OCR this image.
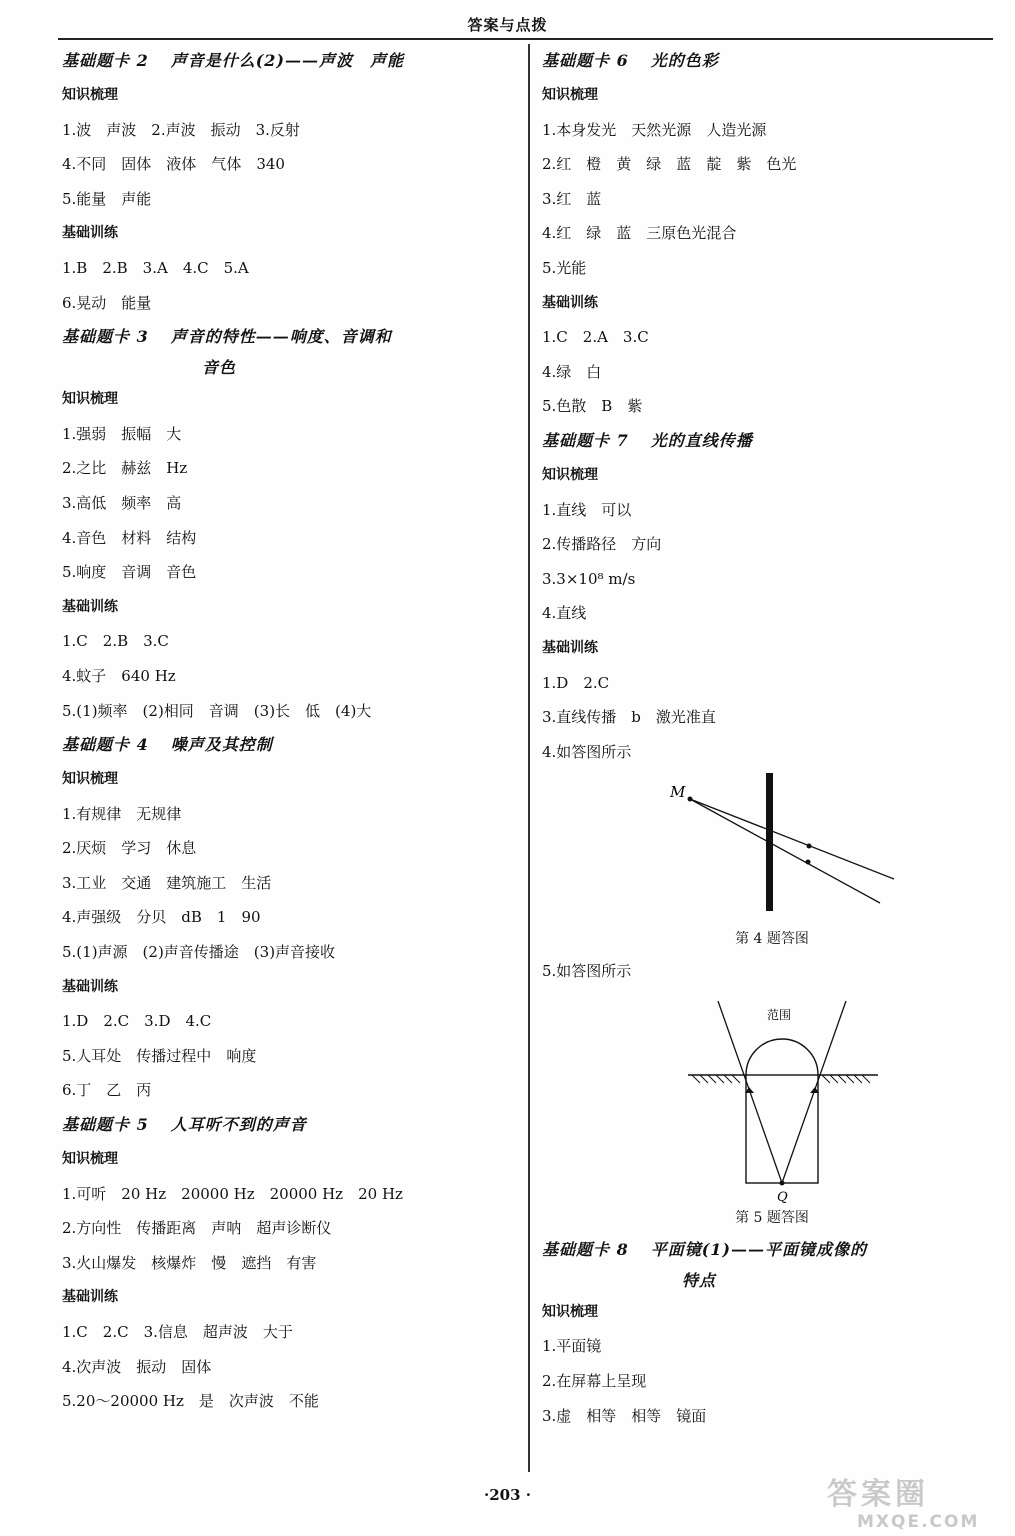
答案与点拨
基础题卡 2 声音是什么(2)——声波　声能
知识梳理
1.波　声波　2.声波　振动　3.反射
4.不同　固体　液体　气体　340
5.能量　声能
基础训练
1.B　2.B　3.A　4.C　5.A
6.晃动　能量
基础题卡 3 声音的特性——响度、音调和
音色
知识梳理
1.强弱　振幅　大
2.之比　赫兹　Hz
3.高低　频率　高
4.音色　材料　结构
5.响度　音调　音色
基础训练
1.C　2.B　3.C
4.蚊子　640 Hz
5.(1)频率　(2)相同　音调　(3)长　低　(4)大
基础题卡 4 噪声及其控制
知识梳理
1.有规律　无规律
2.厌烦　学习　休息
3.工业　交通　建筑施工　生活
4.声强级　分贝　dB　1　90
5.(1)声源　(2)声音传播途　(3)声音接收
基础训练
1.D　2.C　3.D　4.C
5.人耳处　传播过程中　响度
6.丁　乙　丙
基础题卡 5 人耳听不到的声音
知识梳理
1.可听　20 Hz　20000 Hz　20000 Hz　20 Hz
2.方向性　传播距离　声呐　超声诊断仪
3.火山爆发　核爆炸　慢　遮挡　有害
基础训练
1.C　2.C　3.信息　超声波　大于
4.次声波　振动　固体
5.20～20000 Hz　是　次声波　不能
基础题卡 6 光的色彩
知识梳理
1.本身发光　天然光源　人造光源
2.红　橙　黄　绿　蓝　靛　紫　色光
3.红　蓝
4.红　绿　蓝　三原色光混合
5.光能
基础训练
1.C　2.A　3.C
4.绿　白
5.色散　B　紫
基础题卡 7 光的直线传播
知识梳理
1.直线　可以
2.传播路径　方向
3.3×10⁸ m/s
4.直线
基础训练
1.D　2.C
3.直线传播　b　激光准直
4.如答图所示
M
第 4 题答图
5.如答图所示
范围
Q
第 5 题答图
基础题卡 8 平面镜(1)——平面镜成像的
特点
知识梳理
1.平面镜
2.在屏幕上呈现
3.虚　相等　相等　镜面
·203 ·	答案圈
MXQE.COM
